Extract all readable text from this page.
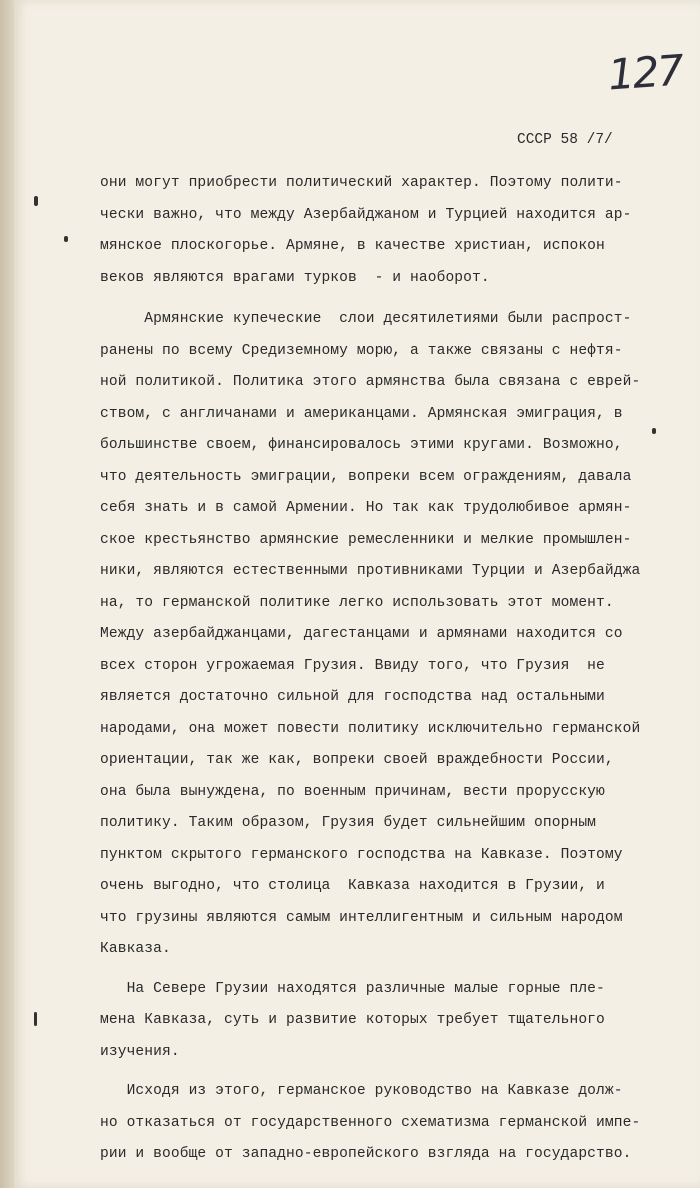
127
СССР 58 /7/
они могут приобрести политический характер. Поэтому полити-
чески важно, что между Азербайджаном и Турцией находится ар-
мянское плоскогорье. Армяне, в качестве христиан, испокон
веков являются врагами турков  - и наоборот.
Армянские купеческие  слои десятилетиями были распрост-
ранены по всему Средиземному морю, а также связаны с нефтя-
ной политикой. Политика этого армянства была связана с еврей-
ством, с англичанами и американцами. Армянская эмиграция, в
большинстве своем, финансировалось этими кругами. Возможно,
что деятельность эмиграции, вопреки всем ограждениям, давала
себя знать и в самой Армении. Но так как трудолюбивое армян-
ское крестьянство армянские ремесленники и мелкие промышлен-
ники, являются естественными противниками Турции и Азербайджа
на, то германской политике легко использовать этот момент.
Между азербайджанцами, дагестанцами и армянами находится со
всех сторон угрожаемая Грузия. Ввиду того, что Грузия  не
является достаточно сильной для господства над остальными
народами, она может повести политику исключительно германской
ориентации, так же как, вопреки своей враждебности России,
она была вынуждена, по военным причинам, вести прорусскую
политику. Таким образом, Грузия будет сильнейшим опорным
пунктом скрытого германского господства на Кавказе. Поэтому
очень выгодно, что столица  Кавказа находится в Грузии, и
что грузины являются самым интеллигентным и сильным народом
Кавказа.
На Севере Грузии находятся различные малые горные пле-
мена Кавказа, суть и развитие которых требует тщательного
изучения.
Исходя из этого, германское руководство на Кавказе долж-
но отказаться от государственного схематизма германской импе-
рии и вообще от западно-европейского взгляда на государство.
